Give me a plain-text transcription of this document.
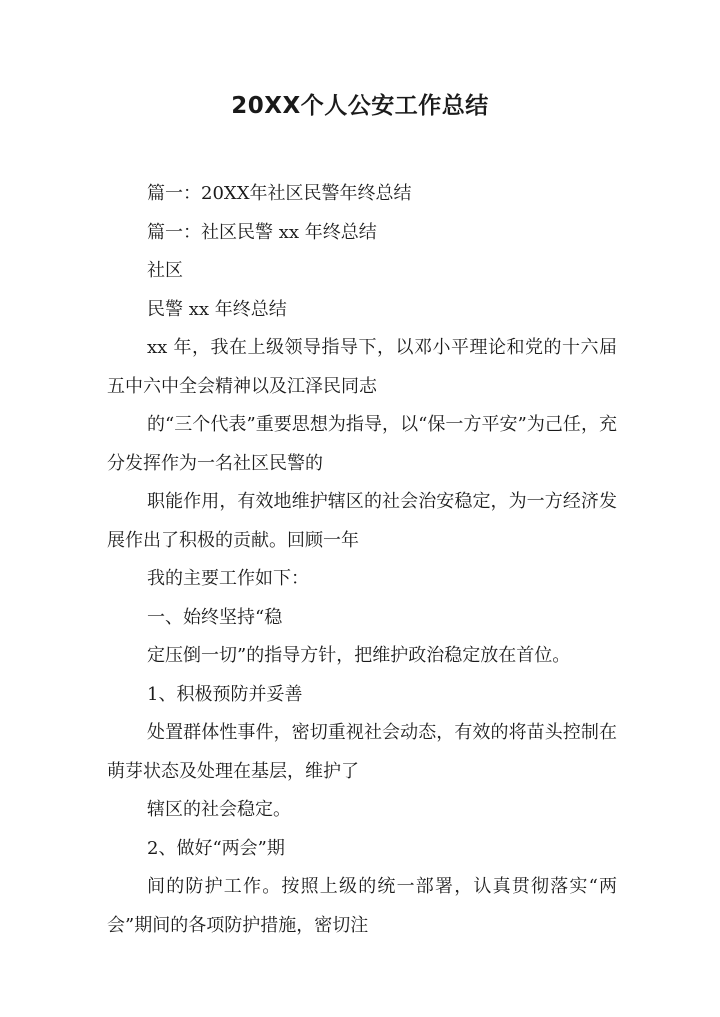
20XX个人公安工作总结

篇一：20XX年社区民警年终总结

篇一：社区民警 xx 年终总结

社区

民警 xx 年终总结

xx 年，我在上级领导指导下，以邓小平理论和党的十六届五中六中全会精神以及江泽民同志

的“三个代表”重要思想为指导，以“保一方平安”为己任，充分发挥作为一名社区民警的

职能作用，有效地维护辖区的社会治安稳定，为一方经济发展作出了积极的贡献。回顾一年

我的主要工作如下：

一、始终坚持“稳

定压倒一切”的指导方针，把维护政治稳定放在首位。

1、积极预防并妥善

处置群体性事件，密切重视社会动态，有效的将苗头控制在萌芽状态及处理在基层，维护了

辖区的社会稳定。

2、做好“两会”期

间的防护工作。按照上级的统一部署，认真贯彻落实“两会”期间的各项防护措施，密切注
